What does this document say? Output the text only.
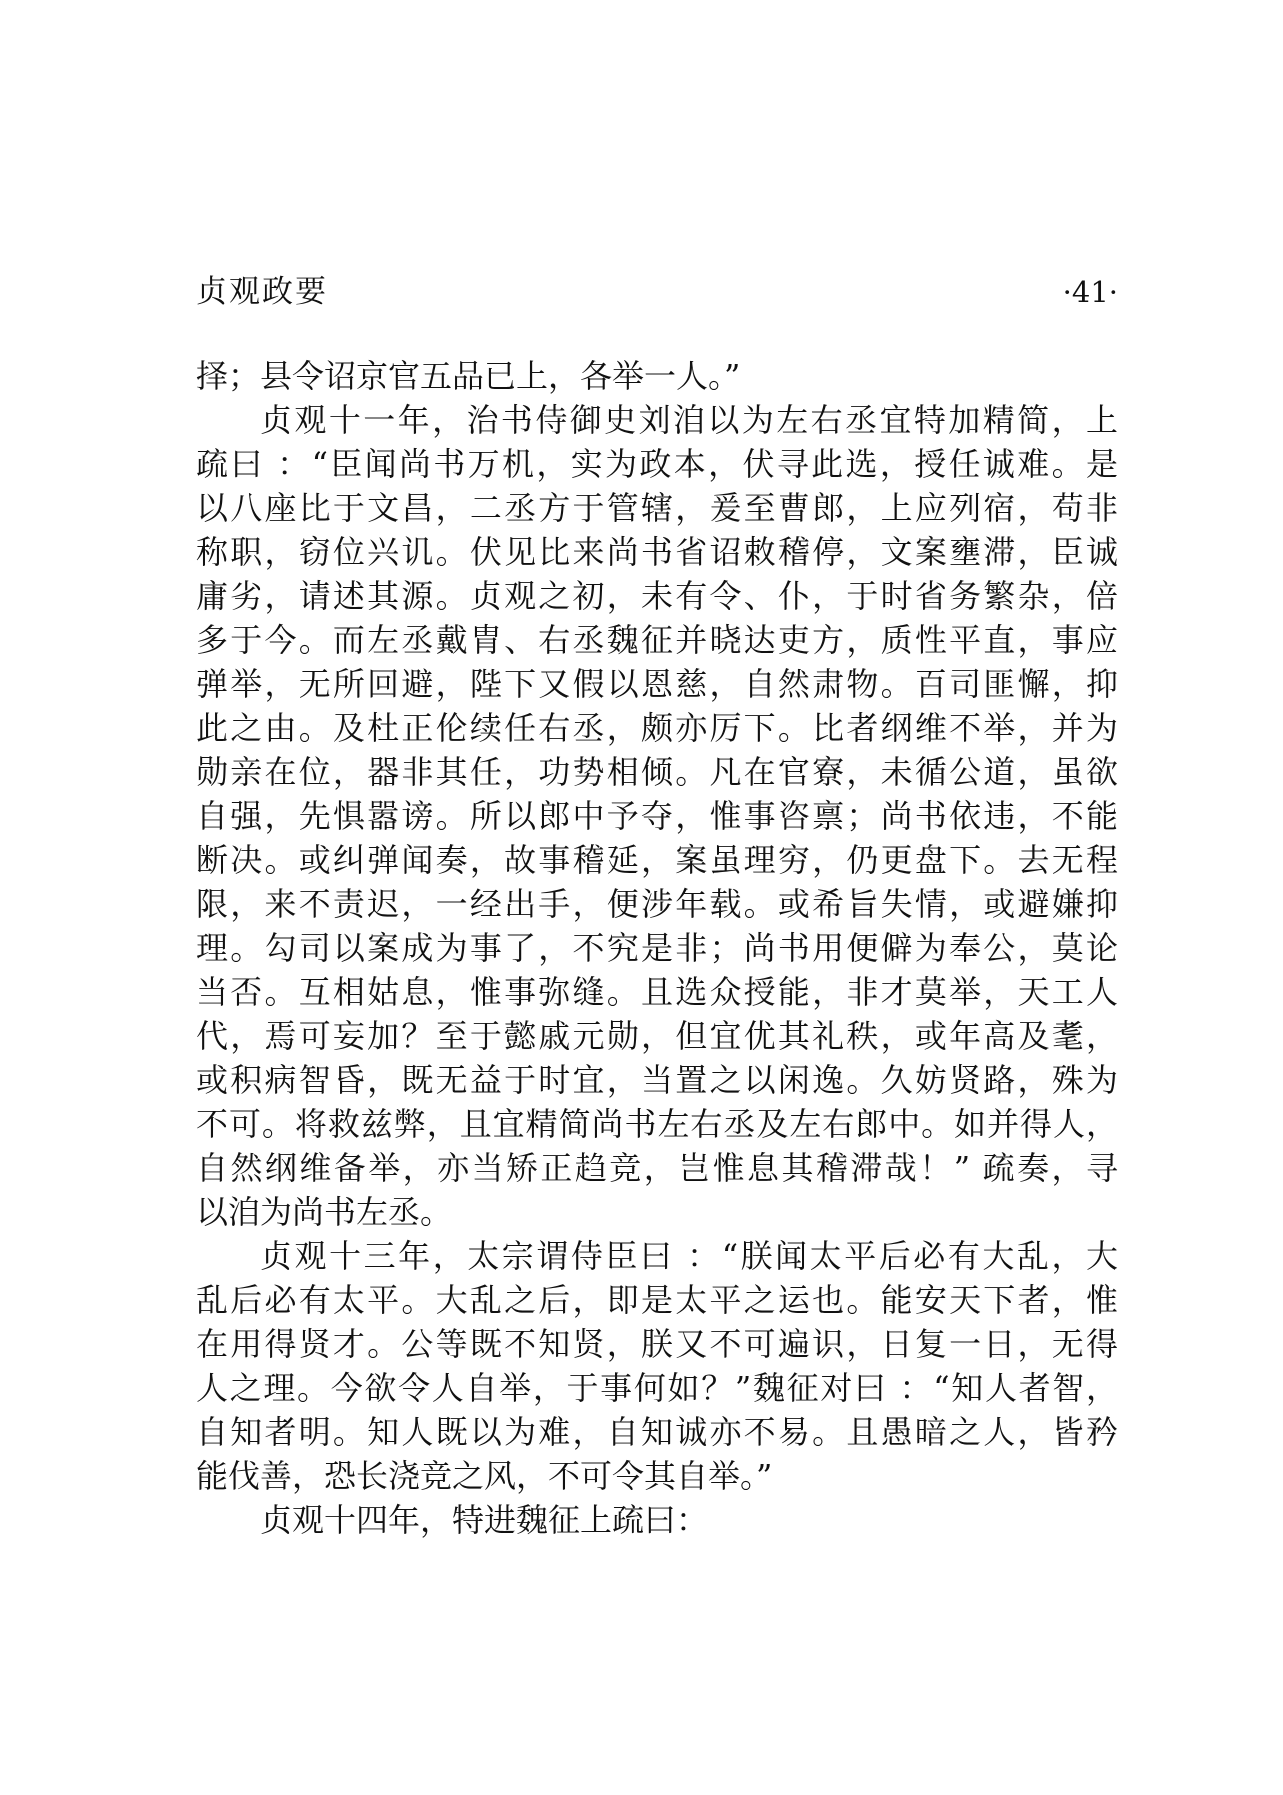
贞观政要	·41·
择；县令诏京官五品已上，各举一人。”
贞观十一年，治书侍御史刘洎以为左右丞宜特加精简，上
疏曰 ：“臣闻尚书万机，实为政本，伏寻此选，授任诚难。是
以八座比于文昌，二丞方于管辖，爰至曹郎，上应列宿，苟非
称职，窃位兴讥。伏见比来尚书省诏敕稽停，文案壅滞，臣诚
庸劣，请述其源。贞观之初，未有令、仆，于时省务繁杂，倍
多于今。而左丞戴胄、右丞魏征并晓达吏方，质性平直，事应
弹举，无所回避，陛下又假以恩慈，自然肃物。百司匪懈，抑
此之由。及杜正伦续任右丞，颇亦厉下。比者纲维不举，并为
勋亲在位，器非其任，功势相倾。凡在官寮，未循公道，虽欲
自强，先惧嚣谤。所以郎中予夺，惟事咨禀；尚书依违，不能
断决。或纠弹闻奏，故事稽延，案虽理穷，仍更盘下。去无程
限，来不责迟，一经出手，便涉年载。或希旨失情，或避嫌抑
理。勾司以案成为事了，不究是非；尚书用便僻为奉公，莫论
当否。互相姑息，惟事弥缝。且选众授能，非才莫举，天工人
代，焉可妄加？至于懿戚元勋，但宜优其礼秩，或年高及耄，
或积病智昏，既无益于时宜，当置之以闲逸。久妨贤路，殊为
不可。将救兹弊，且宜精简尚书左右丞及左右郎中。如并得人，
自然纲维备举，亦当矫正趋竞，岂惟息其稽滞哉！” 疏奏，寻
以洎为尚书左丞。
贞观十三年，太宗谓侍臣曰 ：“朕闻太平后必有大乱，大
乱后必有太平。大乱之后，即是太平之运也。能安天下者，惟
在用得贤才。公等既不知贤，朕又不可遍识，日复一日，无得
人之理。今欲令人自举，于事何如？”魏征对曰 ：“知人者智，
自知者明。知人既以为难，自知诚亦不易。且愚暗之人，皆矜
能伐善，恐长浇竞之风，不可令其自举。”
贞观十四年，特进魏征上疏曰：
